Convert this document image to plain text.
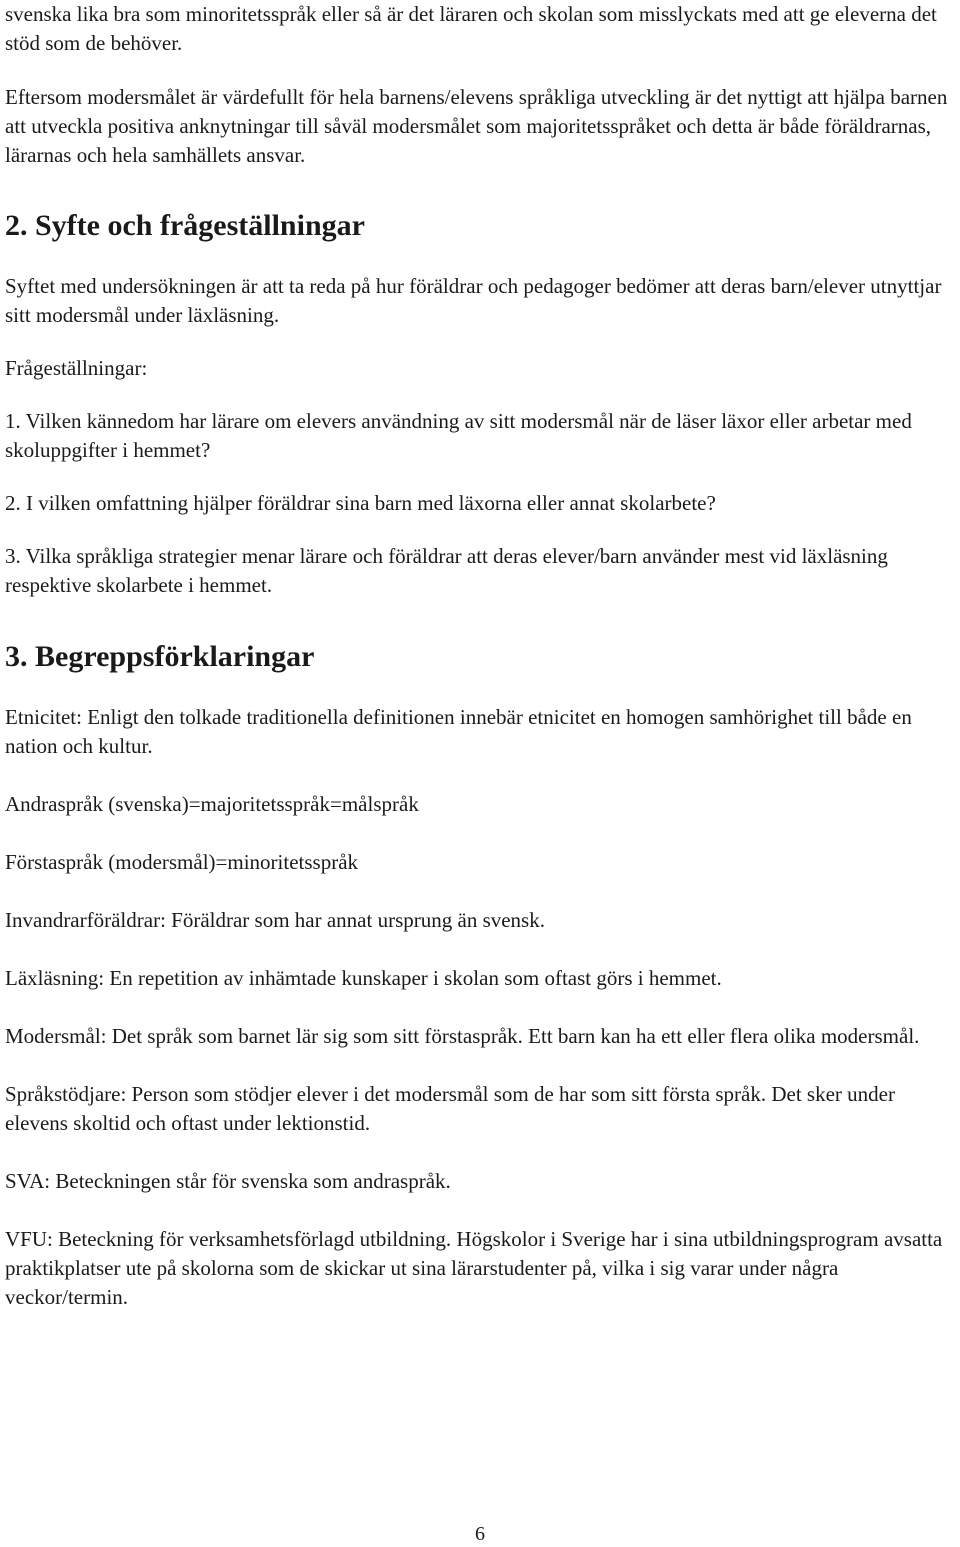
svenska lika bra som minoritetsspråk eller så är det läraren och skolan som misslyckats med att ge eleverna det stöd som de behöver.

Eftersom modersmålet är värdefullt för hela barnens/elevens språkliga utveckling är det nyttigt att hjälpa barnen att utveckla positiva anknytningar till såväl modersmålet som majoritetsspråket och detta är både föräldrarnas, lärarnas och hela samhällets ansvar.

2. Syfte och frågeställningar

Syftet med undersökningen är att ta reda på hur föräldrar och pedagoger bedömer att deras barn/elever utnyttjar sitt modersmål under läxläsning.

Frågeställningar:

1. Vilken kännedom har lärare om elevers användning av sitt modersmål när de läser läxor eller arbetar med skoluppgifter i hemmet?

2. I vilken omfattning hjälper föräldrar sina barn med läxorna eller annat skolarbete?

3. Vilka språkliga strategier menar lärare och föräldrar att deras elever/barn använder mest vid läxläsning respektive skolarbete i hemmet.

3. Begreppsförklaringar

Etnicitet: Enligt den tolkade traditionella definitionen innebär etnicitet en homogen samhörighet till både en nation och kultur.

Andraspråk (svenska)=majoritetsspråk=målspråk

Förstaspråk (modersmål)=minoritetsspråk

Invandrarföräldrar: Föräldrar som har annat ursprung än svensk.

Läxläsning: En repetition av inhämtade kunskaper i skolan som oftast görs i hemmet.

Modersmål: Det språk som barnet lär sig som sitt förstaspråk. Ett barn kan ha ett eller flera olika modersmål.

Språkstödjare: Person som stödjer elever i det modersmål som de har som sitt första språk. Det sker under elevens skoltid och oftast under lektionstid.

SVA: Beteckningen står för svenska som andraspråk.

VFU: Beteckning för verksamhetsförlagd utbildning. Högskolor i Sverige har i sina utbildningsprogram avsatta praktikplatser ute på skolorna som de skickar ut sina lärarstudenter på, vilka i sig varar under några veckor/termin.

6
